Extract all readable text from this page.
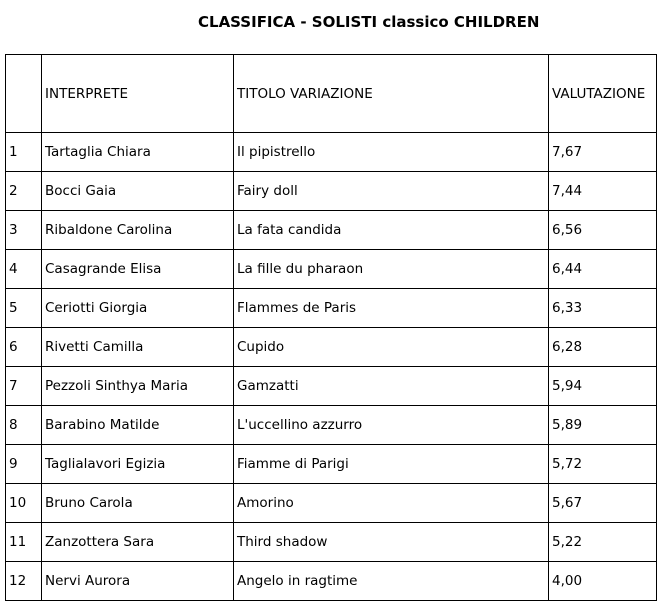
CLASSIFICA - SOLISTI classico CHILDREN
	INTERPRETE	TITOLO VARIAZIONE	VALUTAZIONE
1	Tartaglia Chiara	Il pipistrello	7,67
2	Bocci Gaia	Fairy doll	7,44
3	Ribaldone Carolina	La fata candida	6,56
4	Casagrande Elisa	La fille du pharaon	6,44
5	Ceriotti Giorgia	Flammes de Paris	6,33
6	Rivetti Camilla	Cupido	6,28
7	Pezzoli Sinthya Maria	Gamzatti	5,94
8	Barabino Matilde	L'uccellino azzurro	5,89
9	Taglialavori Egizia	Fiamme di Parigi	5,72
10	Bruno Carola	Amorino	5,67
11	Zanzottera Sara	Third shadow	5,22
12	Nervi Aurora	Angelo in ragtime	4,00
